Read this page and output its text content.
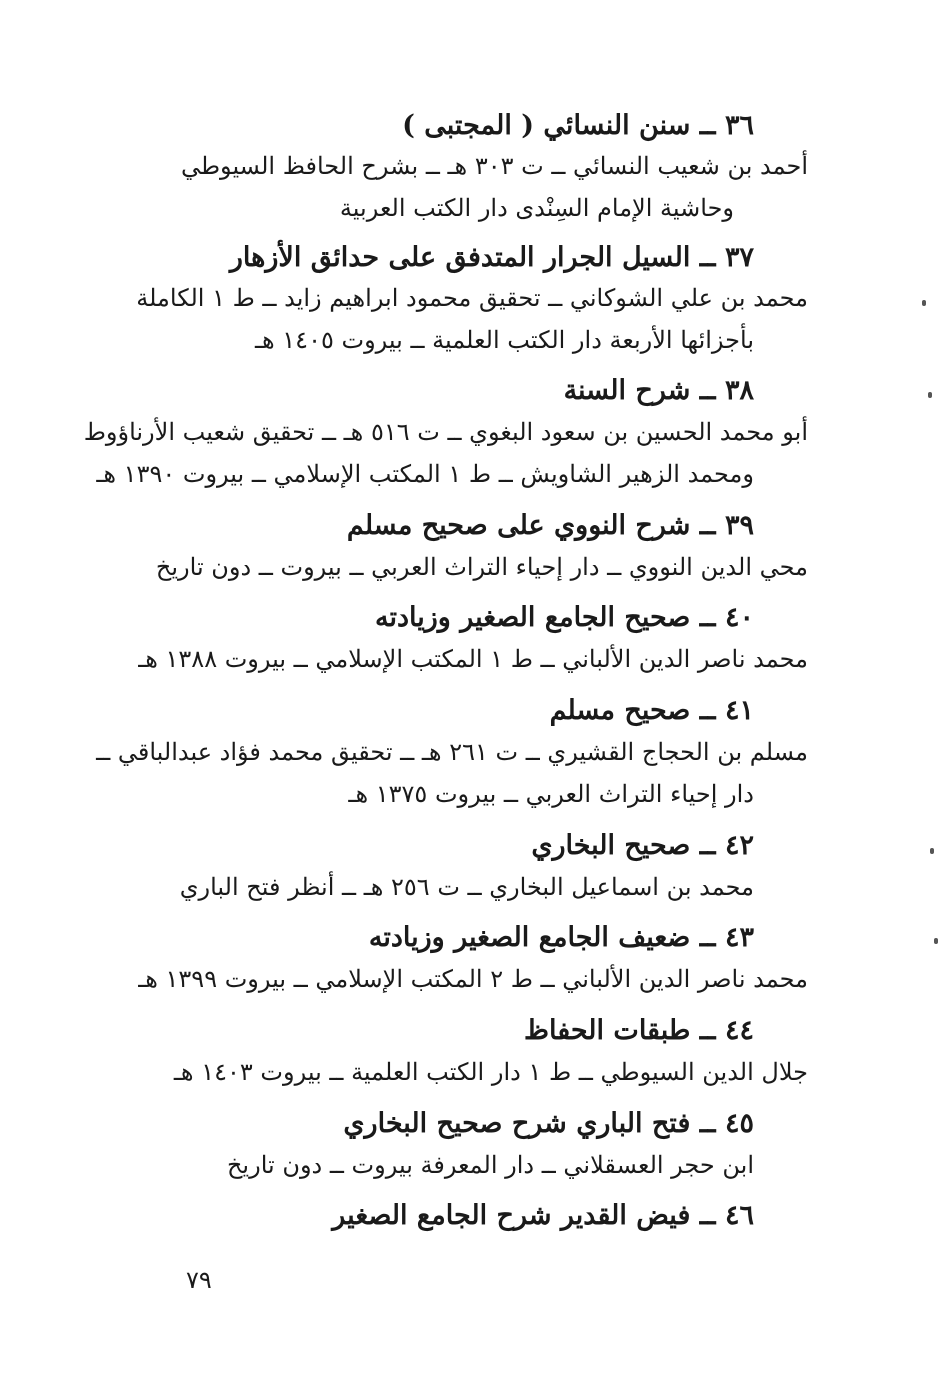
٣٦ ــ سنن النسائي ( المجتبى )
أحمد بن شعيب النسائي ــ ت ٣٠٣ هـ ــ بشرح الحافظ السيوطي
وحاشية الإمام السِنْدى دار الكتب العربية
٣٧ ــ السيل الجرار المتدفق على حدائق الأزهار
محمد بن علي الشوكاني ــ تحقيق محمود ابراهيم زايد ــ ط ١ الكاملة
بأجزائها الأربعة دار الكتب العلمية ــ بيروت ١٤٠٥ هـ
٣٨ ــ شرح السنة
أبو محمد الحسين بن سعود البغوي ــ ت ٥١٦ هـ ــ تحقيق شعيب الأرناؤوط
ومحمد الزهير الشاويش ــ ط ١ المكتب الإسلامي ــ بيروت ١٣٩٠ هـ
٣٩ ــ شرح النووي على صحيح مسلم
محي الدين النووي ــ دار إحياء التراث العربي ــ بيروت ــ دون تاريخ
٤٠ ــ صحيح الجامع الصغير وزيادته
محمد ناصر الدين الألباني ــ ط ١ المكتب الإسلامي ــ بيروت ١٣٨٨ هـ
٤١ ــ صحيح مسلم
مسلم بن الحجاج القشيري ــ ت ٢٦١ هـ ــ تحقيق محمد فؤاد عبدالباقي ــ
دار إحياء التراث العربي ــ بيروت ١٣٧٥ هـ
٤٢ ــ صحيح البخاري
محمد بن اسماعيل البخاري ــ ت ٢٥٦ هـ ــ أنظر فتح الباري
٤٣ ــ ضعيف الجامع الصغير وزيادته
محمد ناصر الدين الألباني ــ ط ٢ المكتب الإسلامي ــ بيروت ١٣٩٩ هـ
٤٤ ــ طبقات الحفاظ
جلال الدين السيوطي ــ ط ١ دار الكتب العلمية ــ بيروت ١٤٠٣ هـ
٤٥ ــ فتح الباري شرح صحيح البخاري
ابن حجر العسقلاني ــ دار المعرفة بيروت ــ دون تاريخ
٤٦ ــ فيض القدير شرح الجامع الصغير
٧٩
